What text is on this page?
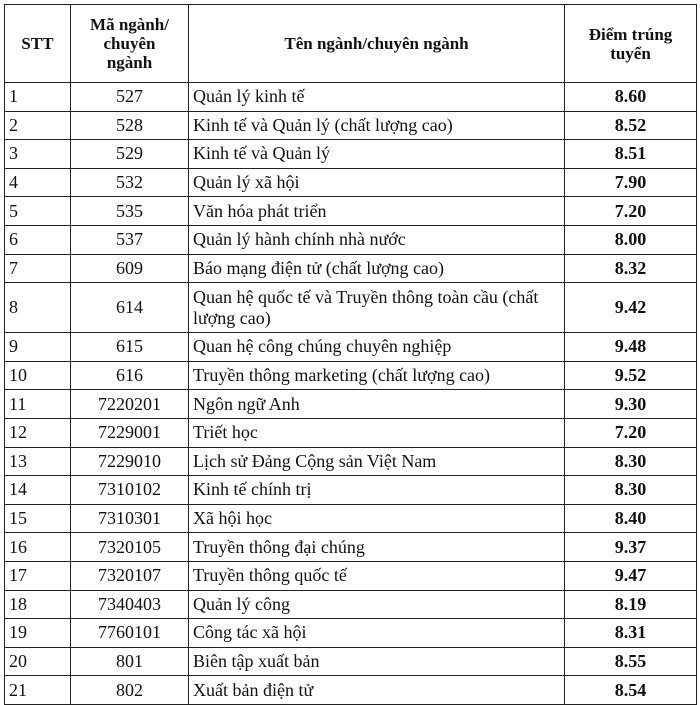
STT	Mã ngành/
chuyên
ngành	Tên ngành/chuyên ngành	Điểm trúng
tuyển

1	527	Quản lý kinh tế	8.60
2	528	Kinh tế và Quản lý (chất lượng cao)	8.52
3	529	Kinh tế và Quản lý	8.51
4	532	Quản lý xã hội	7.90
5	535	Văn hóa phát triển	7.20
6	537	Quản lý hành chính nhà nước	8.00
7	609	Báo mạng điện tử (chất lượng cao)	8.32
8	614	Quan hệ quốc tế và Truyền thông toàn cầu (chất lượng cao)	9.42
9	615	Quan hệ công chúng chuyên nghiệp	9.48
10	616	Truyền thông marketing (chất lượng cao)	9.52
11	7220201	Ngôn ngữ Anh	9.30
12	7229001	Triết học	7.20
13	7229010	Lịch sử Đảng Cộng sản Việt Nam	8.30
14	7310102	Kinh tế chính trị	8.30
15	7310301	Xã hội học	8.40
16	7320105	Truyền thông đại chúng	9.37
17	7320107	Truyền thông quốc tế	9.47
18	7340403	Quản lý công	8.19
19	7760101	Công tác xã hội	8.31
20	801	Biên tập xuất bản	8.55
21	802	Xuất bản điện tử	8.54
